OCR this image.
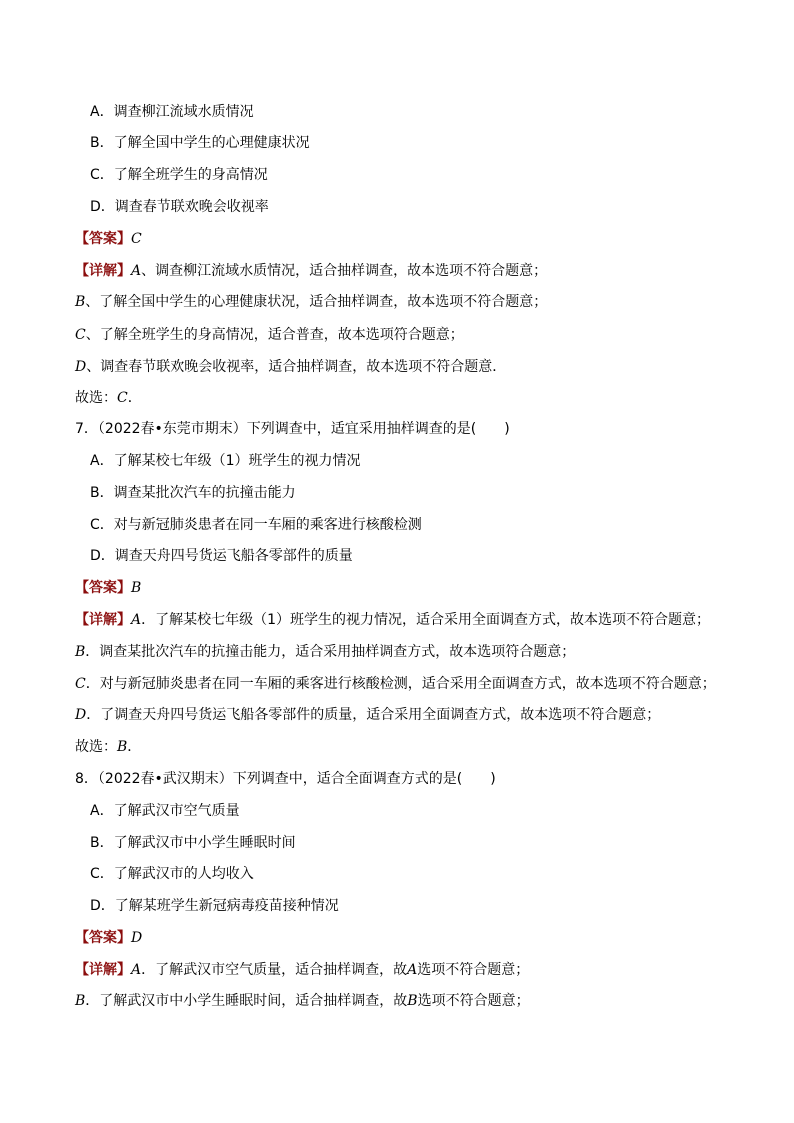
A．调查柳江流域水质情况
B．了解全国中学生的心理健康状况
C．了解全班学生的身高情况
D．调查春节联欢晚会收视率
【答案】C
【详解】A、调查柳江流域水质情况，适合抽样调查，故本选项不符合题意；
B、了解全国中学生的心理健康状况，适合抽样调查，故本选项不符合题意；
C、了解全班学生的身高情况，适合普查，故本选项符合题意；
D、调查春节联欢晚会收视率，适合抽样调查，故本选项不符合题意．
故选：C．
7．（2022春•东莞市期末）下列调查中，适宜采用抽样调查的是(　　)
A．了解某校七年级（1）班学生的视力情况
B．调查某批次汽车的抗撞击能力
C．对与新冠肺炎患者在同一车厢的乘客进行核酸检测
D．调查天舟四号货运飞船各零部件的质量
【答案】B
【详解】A．了解某校七年级（1）班学生的视力情况，适合采用全面调查方式，故本选项不符合题意；
B．调查某批次汽车的抗撞击能力，适合采用抽样调查方式，故本选项符合题意；
C．对与新冠肺炎患者在同一车厢的乘客进行核酸检测，适合采用全面调查方式，故本选项不符合题意；
D．了调查天舟四号货运飞船各零部件的质量，适合采用全面调查方式，故本选项不符合题意；
故选：B．
8．（2022春•武汉期末）下列调查中，适合全面调查方式的是(　　)
A．了解武汉市空气质量
B．了解武汉市中小学生睡眠时间
C．了解武汉市的人均收入
D．了解某班学生新冠病毒疫苗接种情况
【答案】D
【详解】A．了解武汉市空气质量，适合抽样调查，故A选项不符合题意；
B．了解武汉市中小学生睡眠时间，适合抽样调查，故B选项不符合题意；
